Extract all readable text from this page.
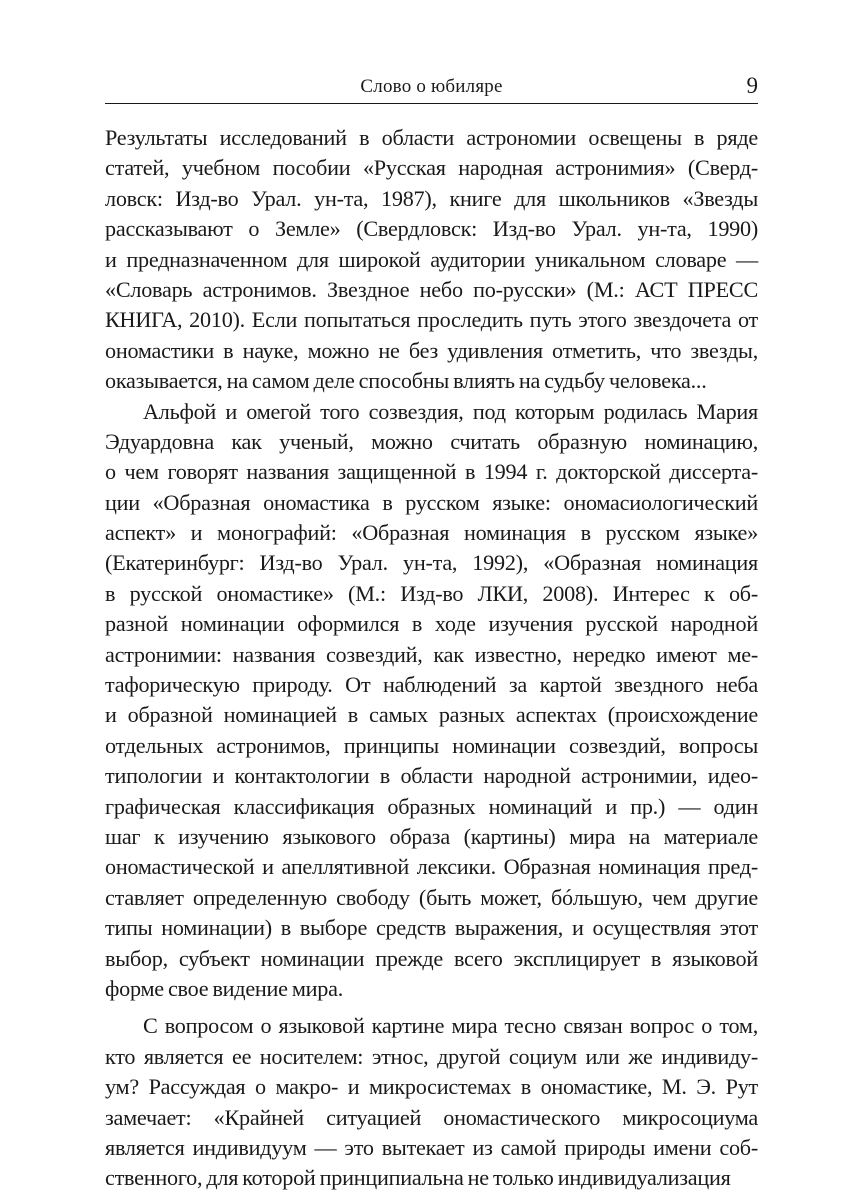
Слово о юбиляре	9
Результаты исследований в области астрономии освещены в ряде
статей, учебном пособии «Русская народная астронимия» (Сверд-
ловск: Изд-во Урал. ун-та, 1987), книге для школьников «Звезды
рассказывают о Земле» (Свердловск: Изд-во Урал. ун-та, 1990)
и предназначенном для широкой аудитории уникальном словаре —
«Словарь астронимов. Звездное небо по-русски» (М.: АСТ ПРЕСС
КНИГА, 2010). Если попытаться проследить путь этого звездочета от
ономастики в науке, можно не без удивления отметить, что звезды,
оказывается, на самом деле способны влиять на судьбу человека...
Альфой и омегой того созвездия, под которым родилась Мария
Эдуардовна как ученый, можно считать образную номинацию,
о чем говорят названия защищенной в 1994 г. докторской диссерта-
ции «Образная ономастика в русском языке: ономасиологический
аспект» и монографий: «Образная номинация в русском языке»
(Екатеринбург: Изд-во Урал. ун-та, 1992), «Образная номинация
в русской ономастике» (М.: Изд-во ЛКИ, 2008). Интерес к об-
разной номинации оформился в ходе изучения русской народной
астронимии: названия созвездий, как известно, нередко имеют ме-
тафорическую природу. От наблюдений за картой звездного неба
и образной номинацией в самых разных аспектах (происхождение
отдельных астронимов, принципы номинации созвездий, вопросы
типологии и контактологии в области народной астронимии, идео-
графическая классификация образных номинаций и пр.) — один
шаг к изучению языкового образа (картины) мира на материале
ономастической и апеллятивной лексики. Образная номинация пред-
ставляет определенную свободу (быть может, бóльшую, чем другие
типы номинации) в выборе средств выражения, и осуществляя этот
выбор, субъект номинации прежде всего эксплицирует в языковой
форме свое видение мира.
С вопросом о языковой картине мира тесно связан вопрос о том,
кто является ее носителем: этнос, другой социум или же индивиду-
ум? Рассуждая о макро- и микросистемах в ономастике, М. Э. Рут
замечает: «Крайней ситуацией ономастического микросоциума
является индивидуум — это вытекает из самой природы имени соб-
ственного, для которой принципиальна не только индивидуализация
